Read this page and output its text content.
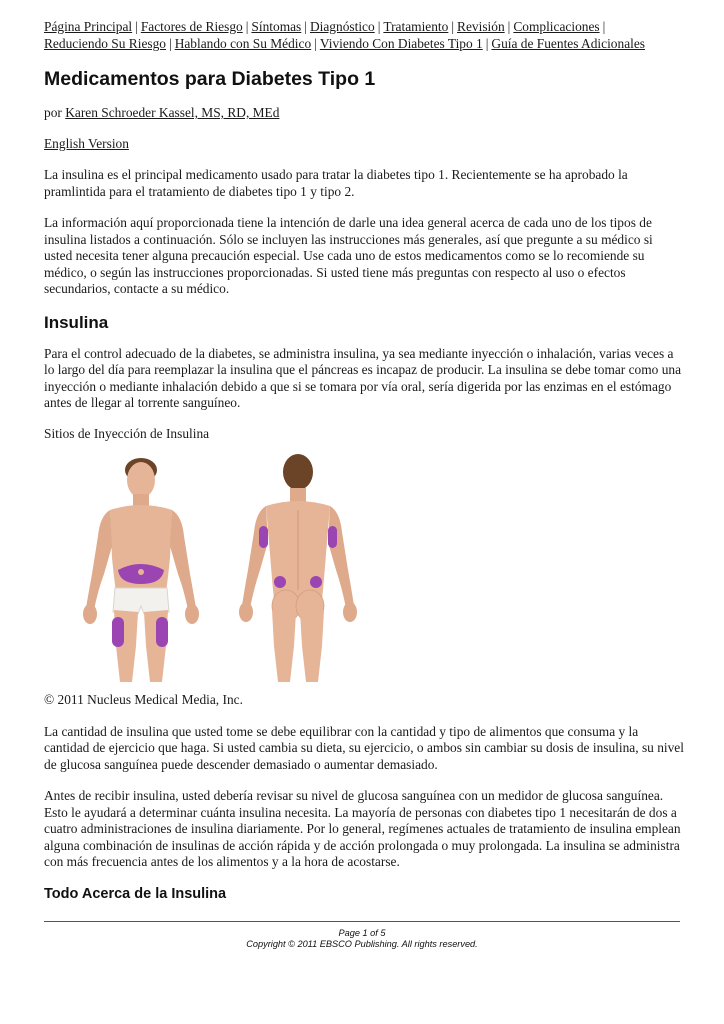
Página Principal | Factores de Riesgo | Síntomas | Diagnóstico | Tratamiento | Revisión | Complicaciones |
Reduciendo Su Riesgo | Hablando con Su Médico | Viviendo Con Diabetes Tipo 1 | Guía de Fuentes Adicionales
Medicamentos para Diabetes Tipo 1

por Karen Schroeder Kassel, MS, RD, MEd

English Version

La insulina es el principal medicamento usado para tratar la diabetes tipo 1. Recientemente se ha aprobado la pramlintida para el tratamiento de diabetes tipo 1 y tipo 2.

La información aquí proporcionada tiene la intención de darle una idea general acerca de cada uno de los tipos de insulina listados a continuación. Sólo se incluyen las instrucciones más generales, así que pregunte a su médico si usted necesita tener alguna precaución especial. Use cada uno de estos medicamentos como se lo recomiende su médico, o según las instrucciones proporcionadas. Si usted tiene más preguntas con respecto al uso o efectos secundarios, contacte a su médico.

Insulina

Para el control adecuado de la diabetes, se administra insulina, ya sea mediante inyección o inhalación, varias veces a lo largo del día para reemplazar la insulina que el páncreas es incapaz de producir. La insulina se debe tomar como una inyección o mediante inhalación debido a que si se tomara por vía oral, sería digerida por las enzimas en el estómago antes de llegar al torrente sanguíneo.

Sitios de Inyección de Insulina

© 2011 Nucleus Medical Media, Inc.

La cantidad de insulina que usted tome se debe equilibrar con la cantidad y tipo de alimentos que consuma y la cantidad de ejercicio que haga. Si usted cambia su dieta, su ejercicio, o ambos sin cambiar su dosis de insulina, su nivel de glucosa sanguínea puede descender demasiado o aumentar demasiado.

Antes de recibir insulina, usted debería revisar su nivel de glucosa sanguínea con un medidor de glucosa sanguínea. Esto le ayudará a determinar cuánta insulina necesita. La mayoría de personas con diabetes tipo 1 necesitarán de dos a cuatro administraciones de insulina diariamente. Por lo general, regímenes actuales de tratamiento de insulina emplean alguna combinación de insulinas de acción rápida y de acción prolongada o muy prolongada. La insulina se administra con más frecuencia antes de los alimentos y a la hora de acostarse.

Todo Acerca de la Insulina
Page 1 of 5
Copyright © 2011 EBSCO Publishing. All rights reserved.
